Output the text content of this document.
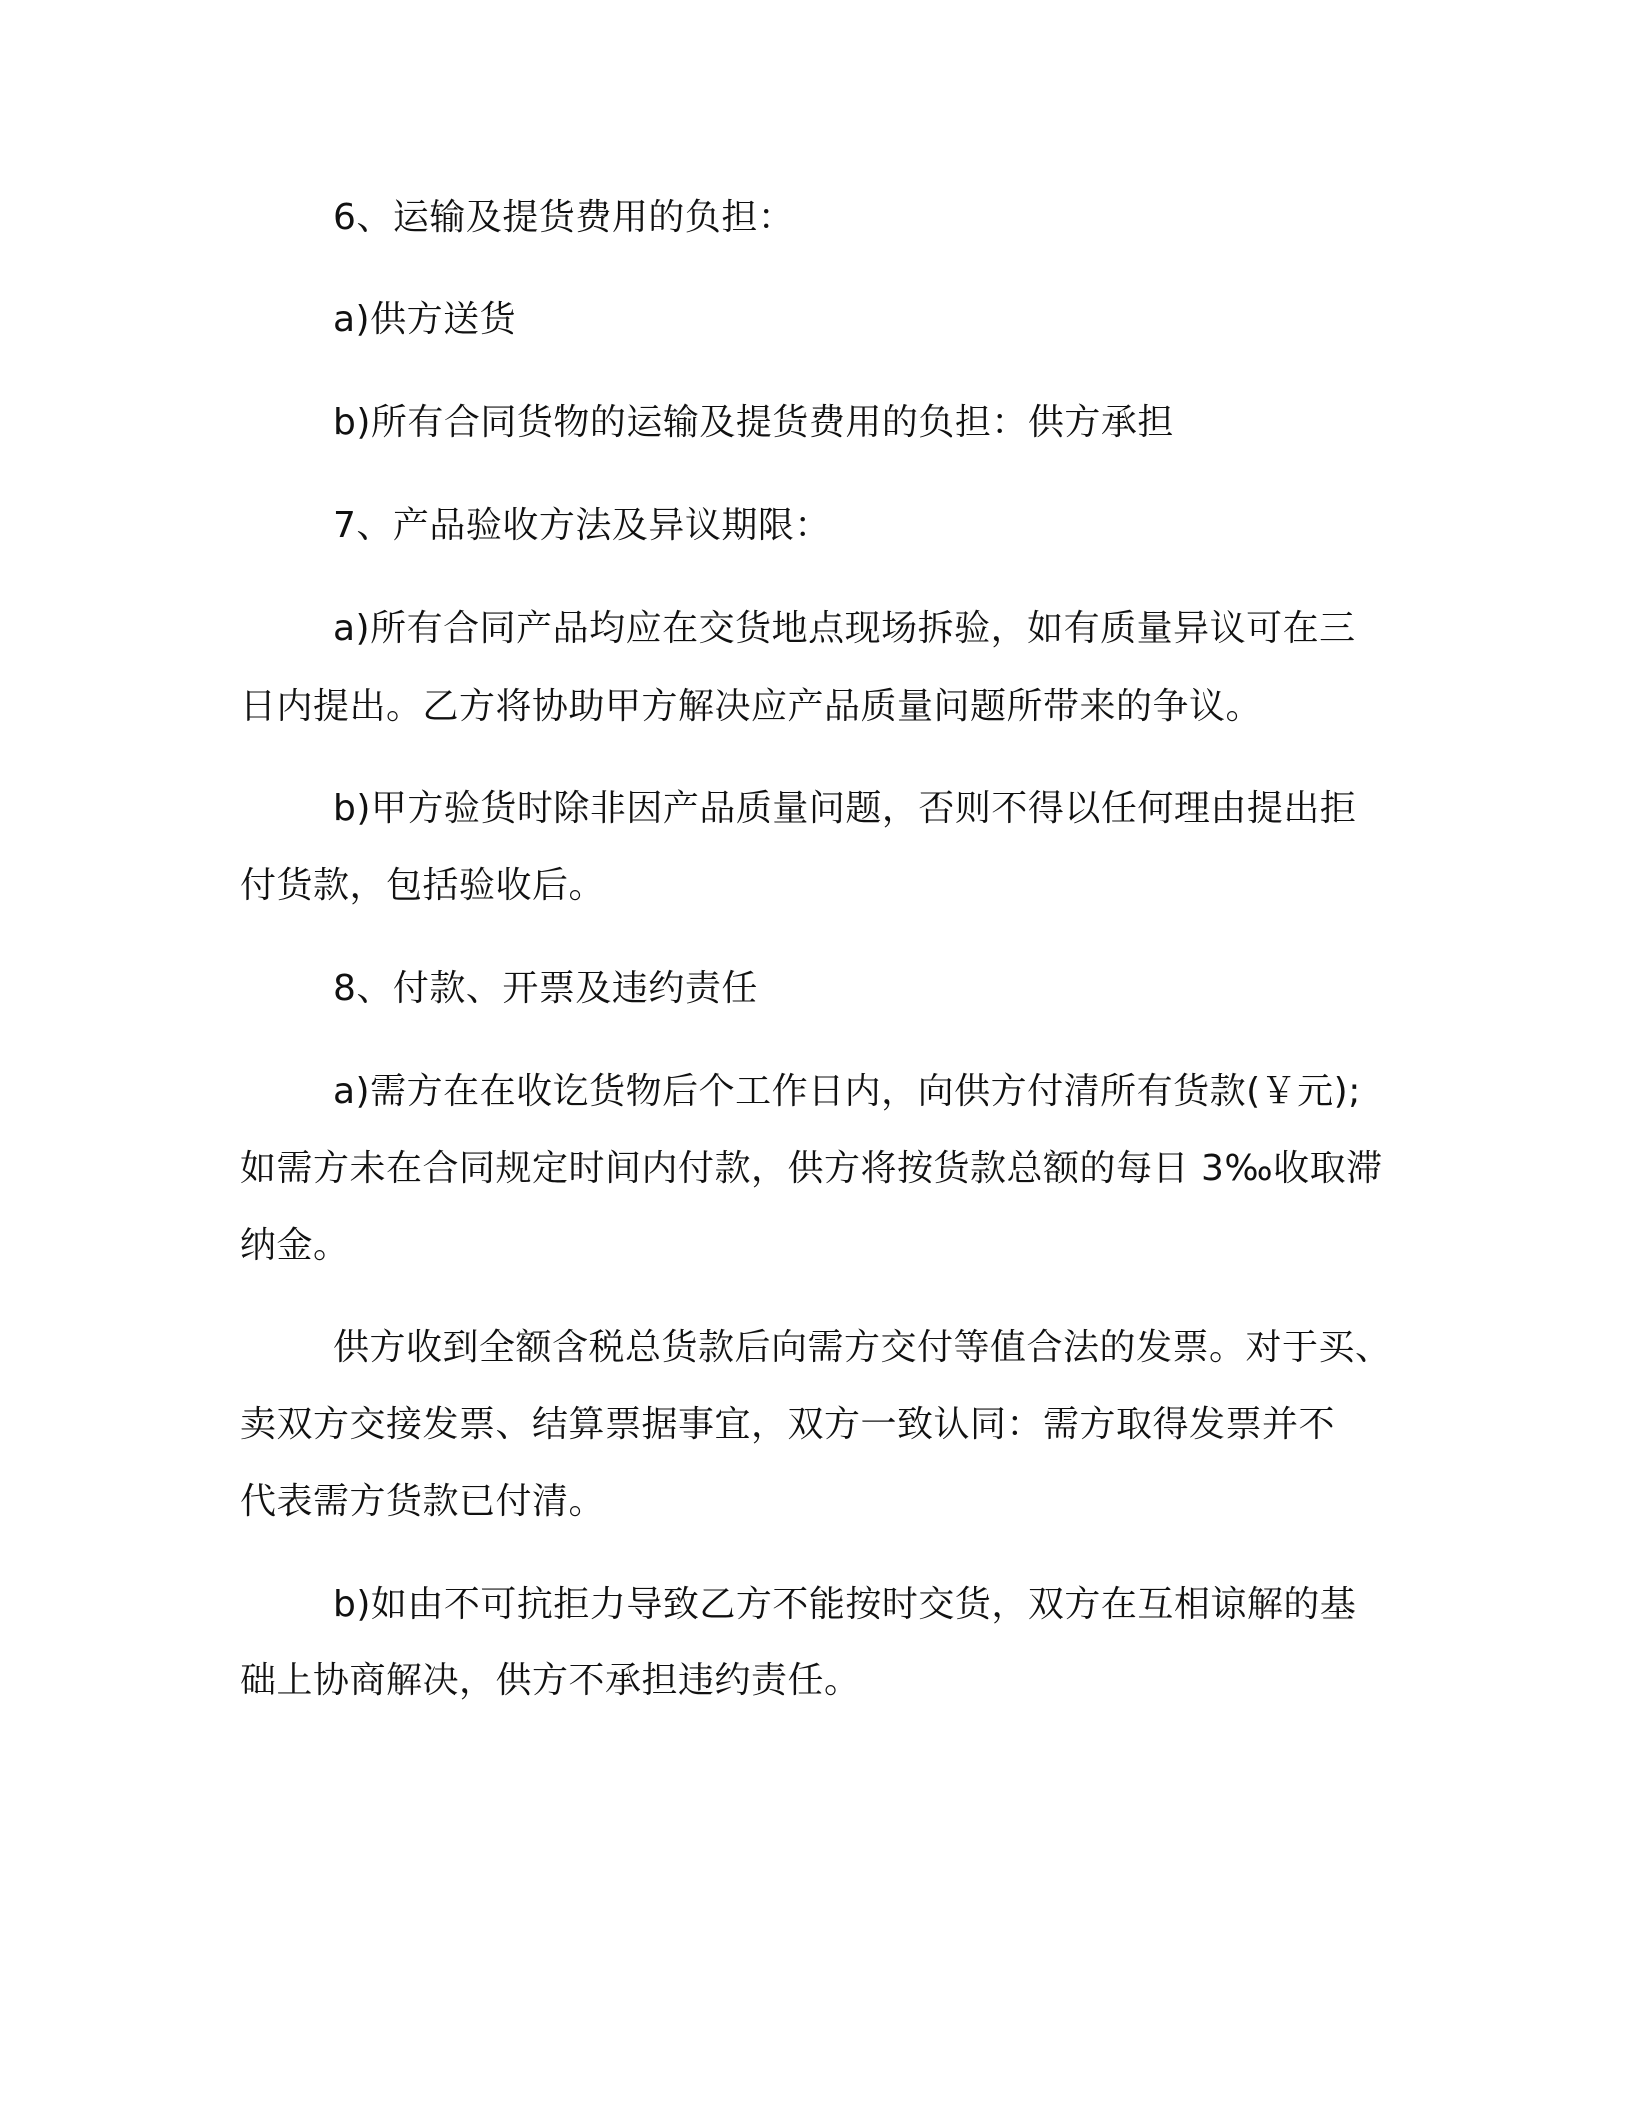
6、运输及提货费用的负担：
a)供方送货
b)所有合同货物的运输及提货费用的负担：供方承担
7、产品验收方法及异议期限：
a)所有合同产品均应在交货地点现场拆验，如有质量异议可在三
日内提出。乙方将协助甲方解决应产品质量问题所带来的争议。
b)甲方验货时除非因产品质量问题，否则不得以任何理由提出拒
付货款，包括验收后。
8、付款、开票及违约责任
a)需方在在收讫货物后个工作日内，向供方付清所有货款(￥元);
如需方未在合同规定时间内付款，供方将按货款总额的每日 3‰收取滞
纳金。
供方收到全额含税总货款后向需方交付等值合法的发票。对于买、
卖双方交接发票、结算票据事宜，双方一致认同：需方取得发票并不
代表需方货款已付清。
b)如由不可抗拒力导致乙方不能按时交货，双方在互相谅解的基
础上协商解决，供方不承担违约责任。
